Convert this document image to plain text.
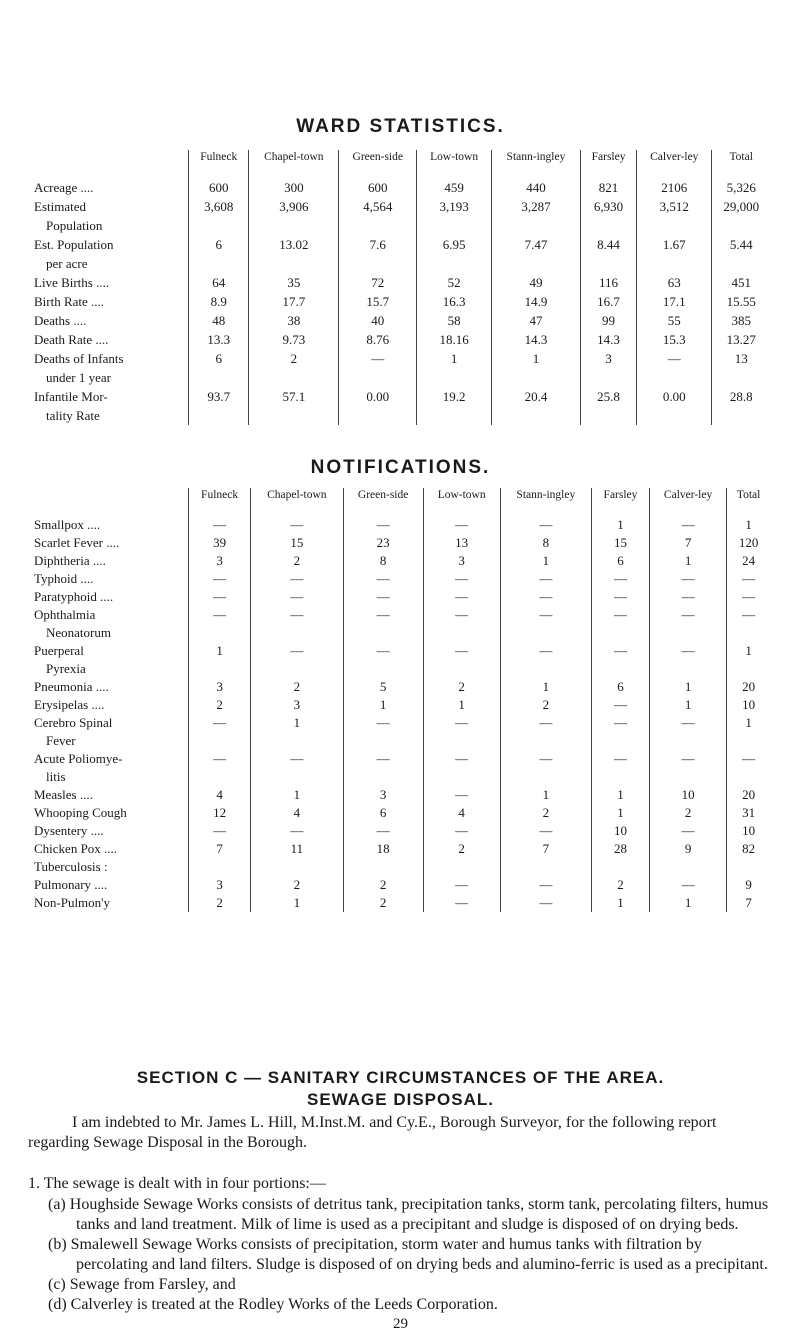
WARD STATISTICS.
	Fulneck	Chapel-town	Green-side	Low-town	Stann-ingley	Farsley	Calver-ley	Total

Acreage ....	600	300	600	459	440	821	2106	5,326

Estimated
Population	3,608	3,906	4,564	3,193	3,287	6,930	3,512	29,000

Est. Population
per acre	6	13.02	7.6	6.95	7.47	8.44	1.67	5.44

Live Births ....	64	35	72	52	49	116	63	451

Birth Rate ....	8.9	17.7	15.7	16.3	14.9	16.7	17.1	15.55

Deaths ....	48	38	40	58	47	99	55	385

Death Rate ....	13.3	9.73	8.76	18.16	14.3	14.3	15.3	13.27

Deaths of Infants
under 1 year	6	2	—	1	1	3	—	13

Infantile Mor-
tality Rate	93.7	57.1	0.00	19.2	20.4	25.8	0.00	28.8
NOTIFICATIONS.
	Fulneck	Chapel-town	Green-side	Low-town	Stann-ingley	Farsley	Calver-ley	Total

Smallpox ....	—	—	—	—	—	1	—	1

Scarlet Fever ....	39	15	23	13	8	15	7	120

Diphtheria ....	3	2	8	3	1	6	1	24

Typhoid ....	—	—	—	—	—	—	—	—

Paratyphoid ....	—	—	—	—	—	—	—	—

Ophthalmia
Neonatorum	—	—	—	—	—	—	—	—

Puerperal
Pyrexia	1	—	—	—	—	—	—	1

Pneumonia ....	3	2	5	2	1	6	1	20

Erysipelas ....	2	3	1	1	2	—	1	10

Cerebro Spinal
Fever	—	1	—	—	—	—	—	1

Acute Poliomye-
litis	—	—	—	—	—	—	—	—

Measles ....	4	1	3	—	1	1	10	20

Whooping Cough	12	4	6	4	2	1	2	31

Dysentery ....	—	—	—	—	—	10	—	10

Chicken Pox ....	7	11	18	2	7	28	9	82

Tuberculosis :								

Pulmonary ....	3	2	2	—	—	2	—	9

Non-Pulmon'y	2	1	2	—	—	1	1	7
SECTION C — SANITARY CIRCUMSTANCES OF THE AREA.
SEWAGE DISPOSAL.
I am indebted to Mr. James L. Hill, M.Inst.M. and Cy.E., Borough Surveyor, for the following report regarding Sewage Disposal in the Borough.
1. The sewage is dealt with in four portions:—
(a) Houghside Sewage Works consists of detritus tank, precipitation tanks, storm tank, percolating filters, humus tanks and land treatment. Milk of lime is used as a precipitant and sludge is disposed of on drying beds.
(b) Smalewell Sewage Works consists of precipitation, storm water and humus tanks with filtration by percolating and land filters. Sludge is disposed of on drying beds and alumino-ferric is used as a precipitant.
(c) Sewage from Farsley, and
(d) Calverley is treated at the Rodley Works of the Leeds Corporation.
29
